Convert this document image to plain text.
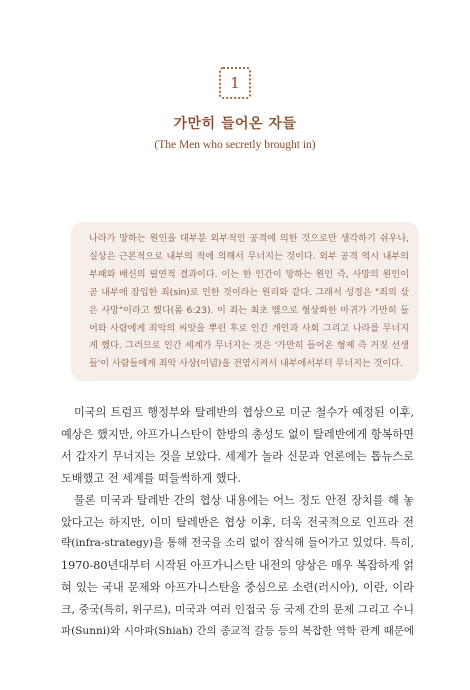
1
가만히 들어온 자들
(The Men who secretly brought in)
나라가 망하는 원인을 대부분 외부적인 공격에 의한 것으로만 생각하기 쉬우나,
실상은 근본적으로 내부의 적에 의해서 무너지는 것이다. 외부 공격 역시 내부의
부패와 배신의 필연적 결과이다. 이는 한 인간이 망하는 원인 즉, 사망의 원인이
곧 내부에 잠입한 죄(sin)로 인한 것이라는 원리와 같다. 그래서 성경은 "죄의 삯
은 사망"이라고 했다(롬 6:23). 이 죄는 최초 뱀으로 형상화한 마귀가 가만히 들
어와 사람에게 죄악의 씨앗을 뿌린 후로 인간 개인과 사회 그리고 나라를 무너지
게 했다. 그러므로 인간 세계가 무너지는 것은 '가만히 들어온 형제 즉 거짓 선생
들'이 사람들에게 죄악 사상(이념)을 전염시켜서 내부에서부터 무너지는 것이다.
미국의 트럼프 행정부와 탈레반의 협상으로 미군 철수가 예정된 이후,
예상은 했지만, 아프가니스탄이 한방의 총성도 없이 탈레반에게 항복하면
서 갑자기 무너지는 것을 보았다. 세계가 놀라 신문과 언론에는 톱뉴스로
도배했고 전 세계를 떠들썩하게 했다.
물론 미국과 탈레반 간의 협상 내용에는 어느 정도 안전 장치를 해 놓
았다고는 하지만, 이미 탈레반은 협상 이후, 더욱 전국적으로 인프라 전
략(infra-strategy)을 통해 전국을 소리 없이 잠식해 들어가고 있었다. 특히,
1970-80년대부터 시작된 아프가니스탄 내전의 양상은 매우 복잡하게 얽
혀 있는 국내 문제와 아프가니스탄을 중심으로 소련(러시아), 이란, 이라
크, 중국(특히, 위구르), 미국과 여러 인접국 등 국제 간의 문제 그리고 수니
파(Sunni)와 시아파(Shiah) 간의 종교적 갈등 등의 복잡한 역학 관계 때문에
